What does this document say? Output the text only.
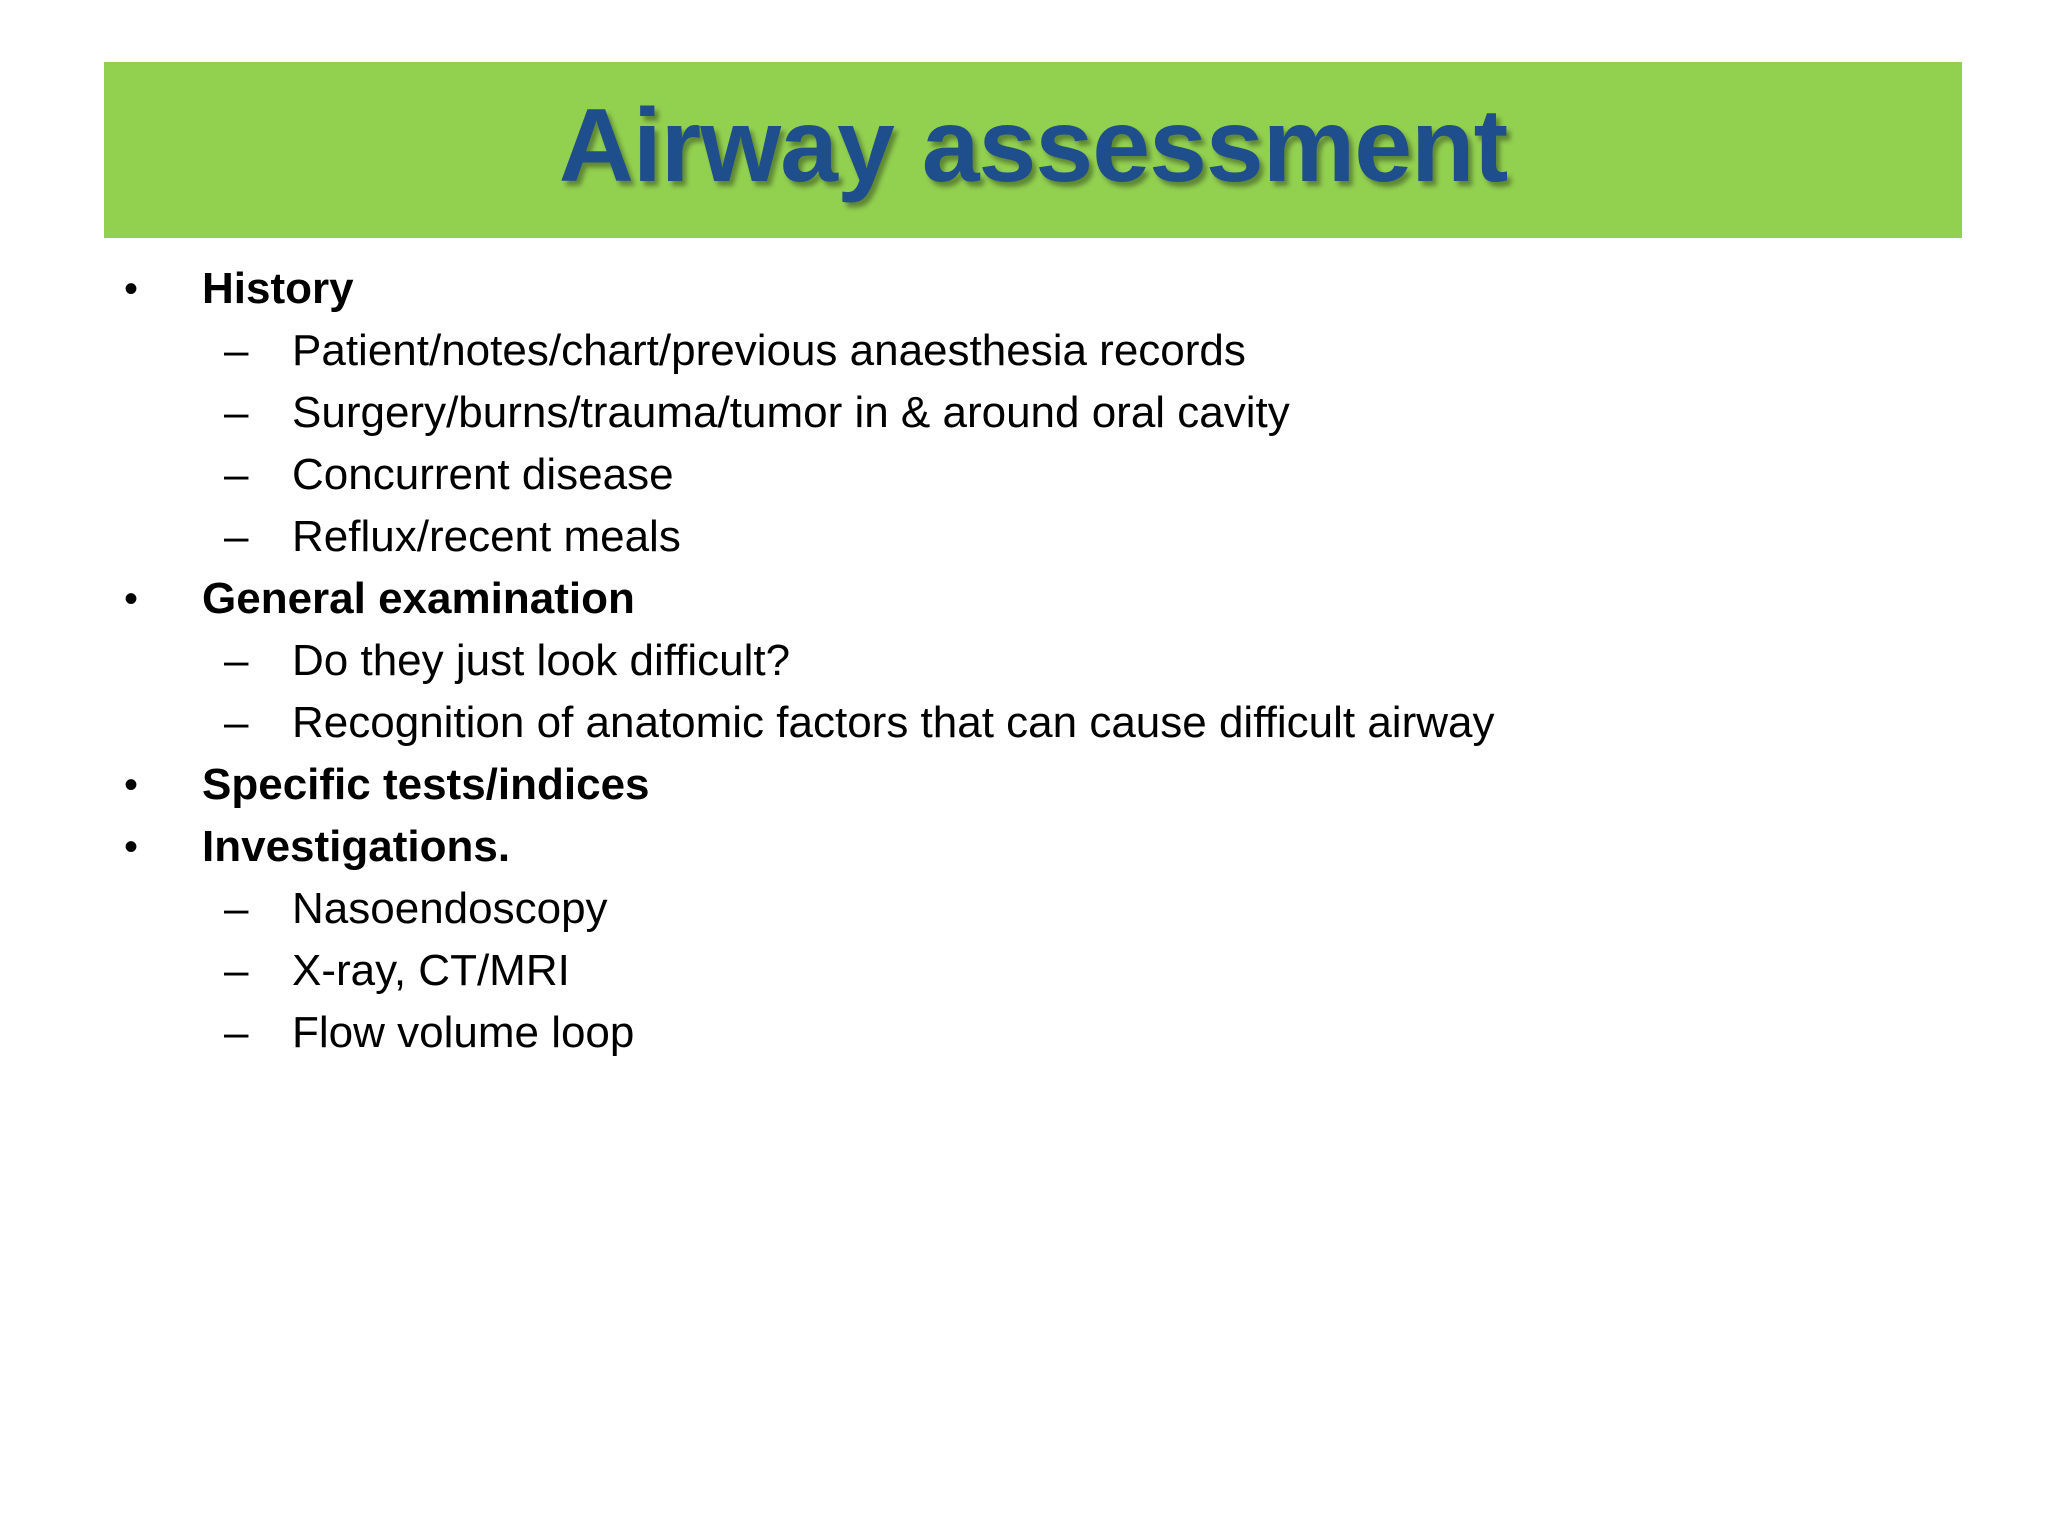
Airway assessment
• History
– Patient/notes/chart/previous anaesthesia records
– Surgery/burns/trauma/tumor in & around oral cavity
– Concurrent disease
– Reflux/recent meals
• General examination
– Do they just look difficult?
– Recognition of anatomic factors that can cause difficult airway
• Specific tests/indices
• Investigations.
– Nasoendoscopy
– X-ray, CT/MRI
– Flow volume loop
